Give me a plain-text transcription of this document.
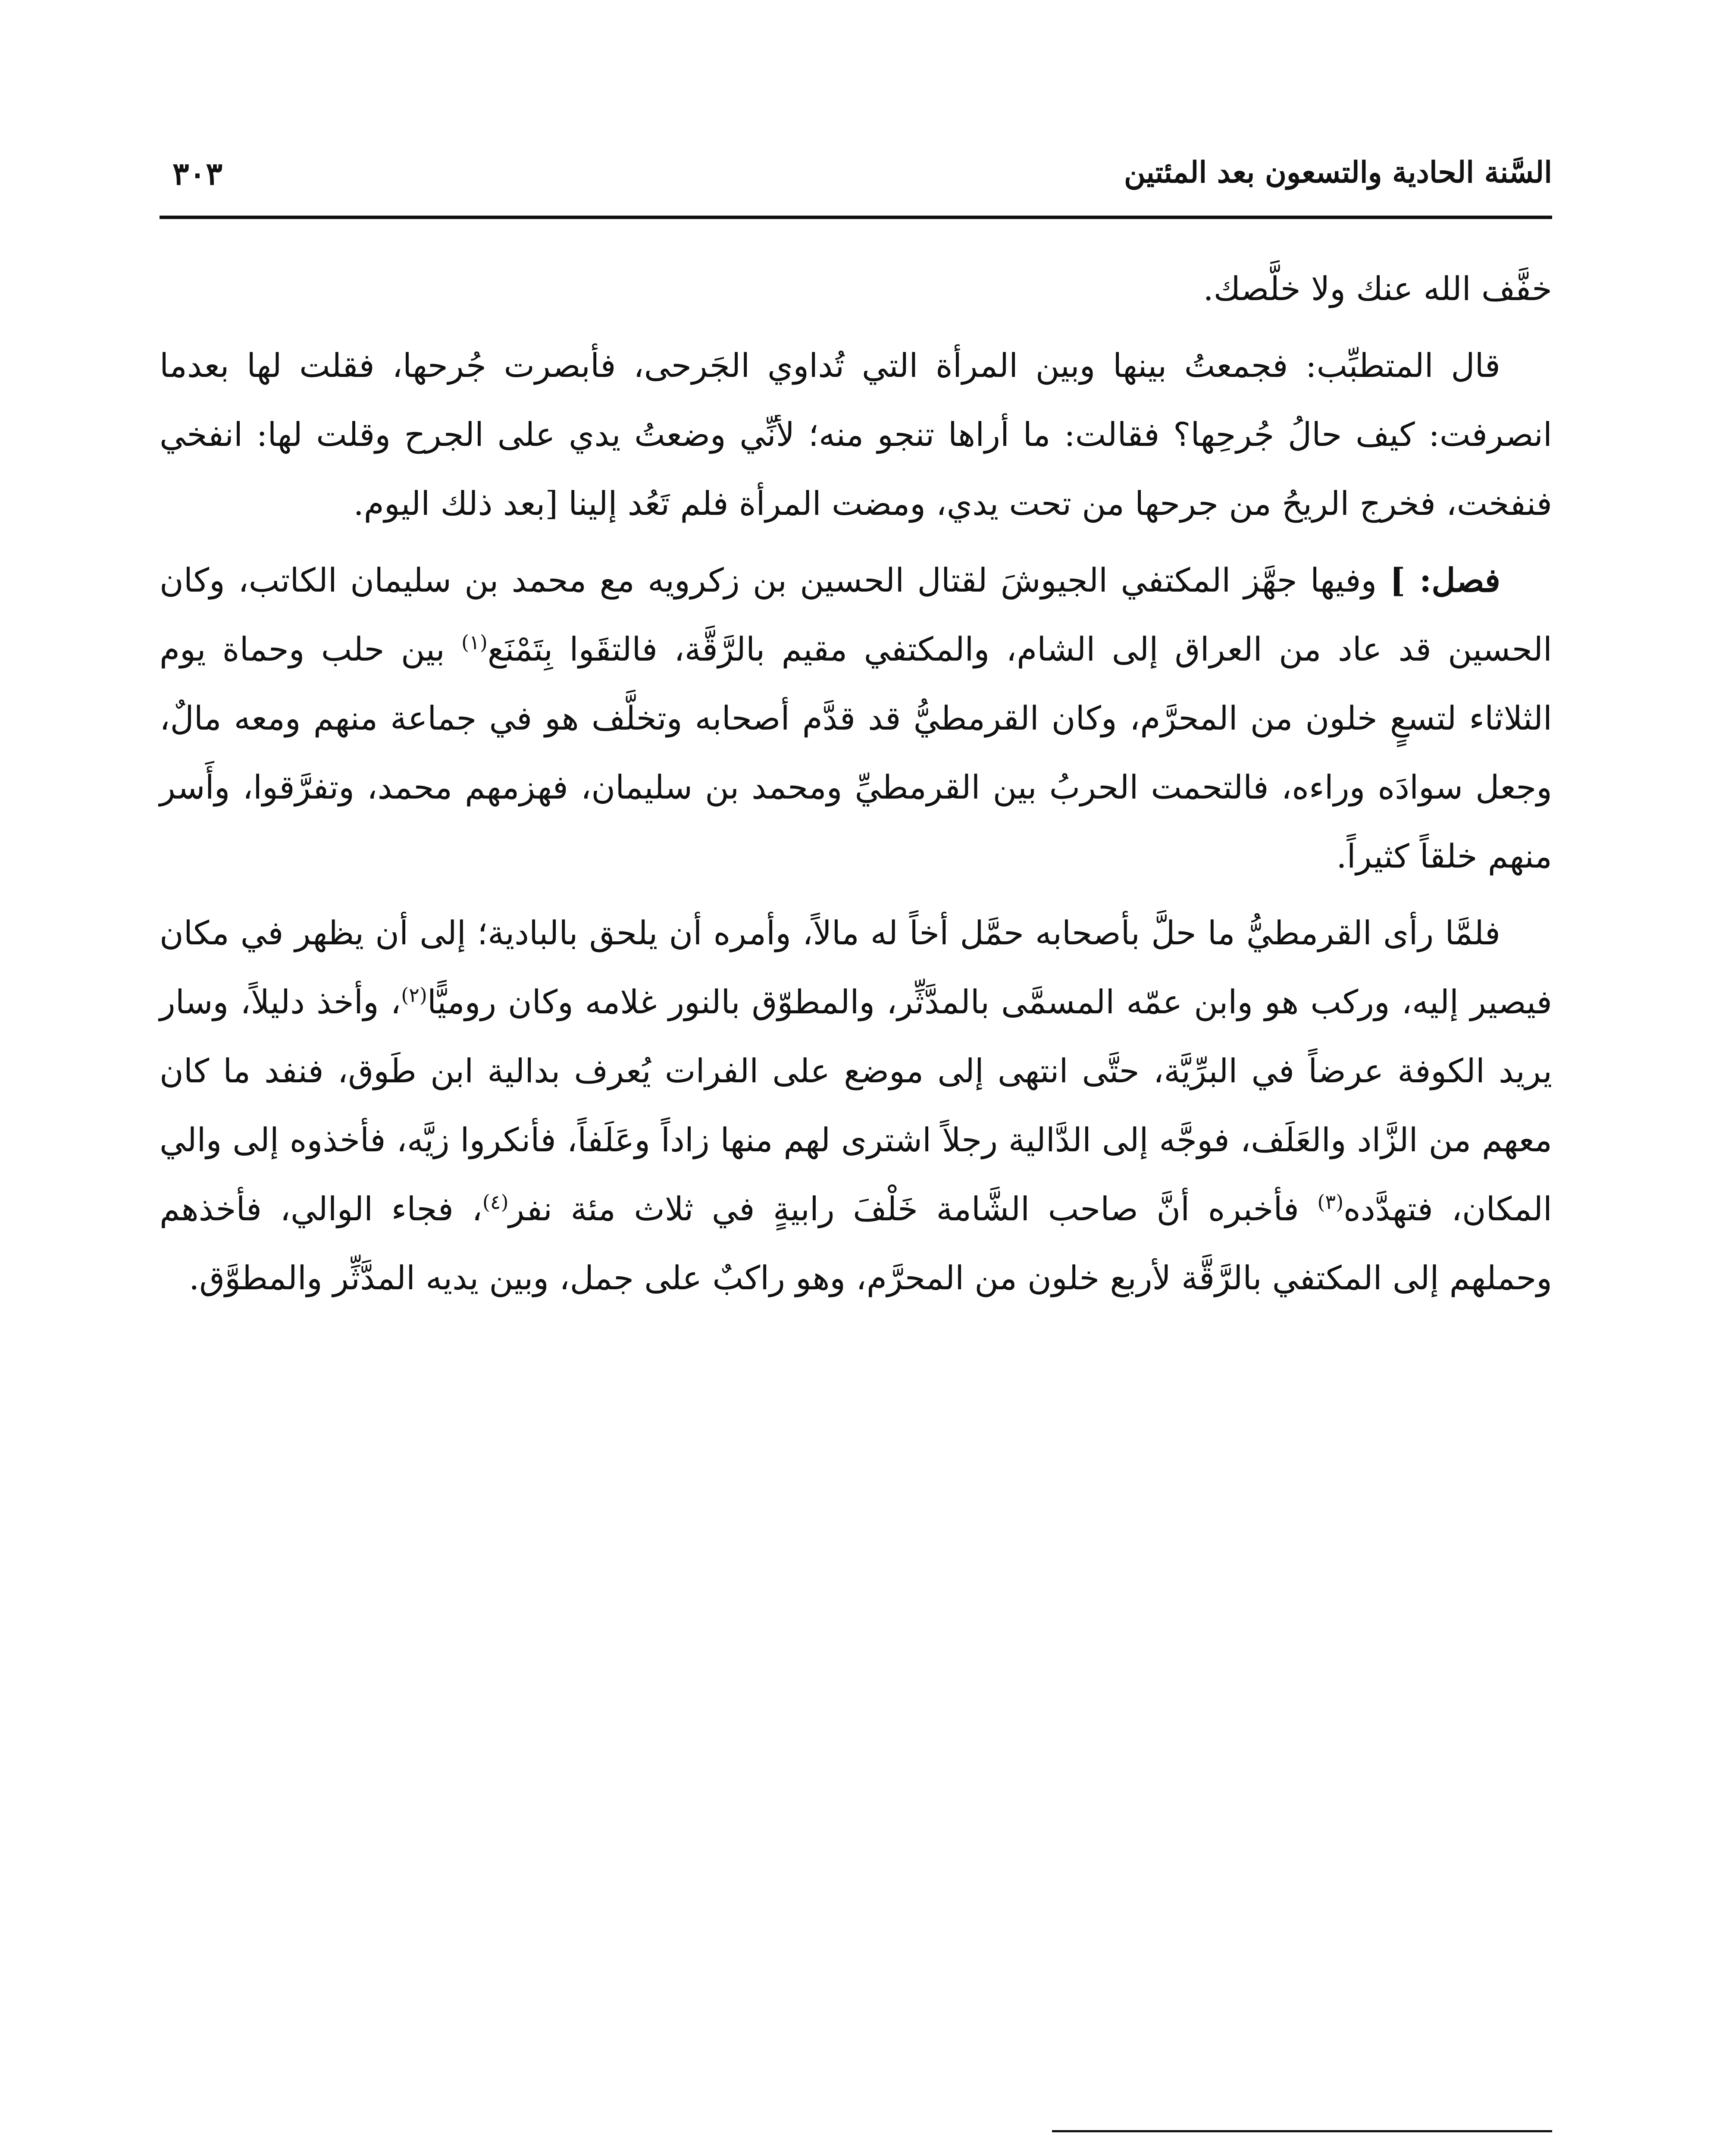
السَّنة الحادية والتسعون بعد المئتين
٣٠٣

خفَّف الله عنك ولا خلَّصك.

قال المتطبِّب: فجمعتُ بينها وبين المرأة التي تُداوي الجَرحى، فأبصرت جُرحها، فقلت لها بعدما انصرفت: كيف حالُ جُرحِها؟ فقالت: ما أراها تنجو منه؛ لأنِّي وضعتُ يدي على الجرح وقلت لها: انفخي فنفخت، فخرج الريحُ من جرحها من تحت يدي، ومضت المرأة فلم تَعُد إلينا [بعد ذلك اليوم.

فصل: ] وفيها جهَّز المكتفي الجيوشَ لقتال الحسين بن زكرويه مع محمد بن سليمان الكاتب، وكان الحسين قد عاد من العراق إلى الشام، والمكتفي مقيم بالرَّقَّة، فالتقَوا بِتَمْنَع$^{(١)}$ بين حلب وحماة يوم الثلاثاء لتسعٍ خلون من المحرَّم، وكان القرمطيُّ قد قدَّم أصحابه وتخلَّف هو في جماعة منهم ومعه مالٌ، وجعل سوادَه وراءه، فالتحمت الحربُ بين القرمطيِّ ومحمد بن سليمان، فهزمهم محمد، وتفرَّقوا، وأَسر منهم خلقاً كثيراً.

فلمَّا رأى القرمطيُّ ما حلَّ بأصحابه حمَّل أخاً له مالاً، وأمره أن يلحق بالبادية؛ إلى أن يظهر في مكان فيصير إليه، وركب هو وابن عمّه المسمَّى بالمدَّثِّر، والمطوّق بالنور غلامه وكان روميًّا$^{(٢)}$، وأخذ دليلاً، وسار يريد الكوفة عرضاً في البرِّيَّة، حتَّى انتهى إلى موضع على الفرات يُعرف بدالية ابن طَوق، فنفد ما كان معهم من الزَّاد والعَلَف، فوجَّه إلى الدَّالية رجلاً اشترى لهم منها زاداً وعَلَفاً، فأنكروا زيَّه، فأخذوه إلى والي المكان، فتهدَّده$^{(٣)}$ فأخبره أنَّ صاحب الشَّامة خَلْفَ رابيةٍ في ثلاث مئة نفر$^{(٤)}$، فجاء الوالي، فأخذهم وحملهم إلى المكتفي بالرَّقَّة لأربع خلون من المحرَّم، وهو راكبٌ على جمل، وبين يديه المدَّثِّر والمطوَّق.
